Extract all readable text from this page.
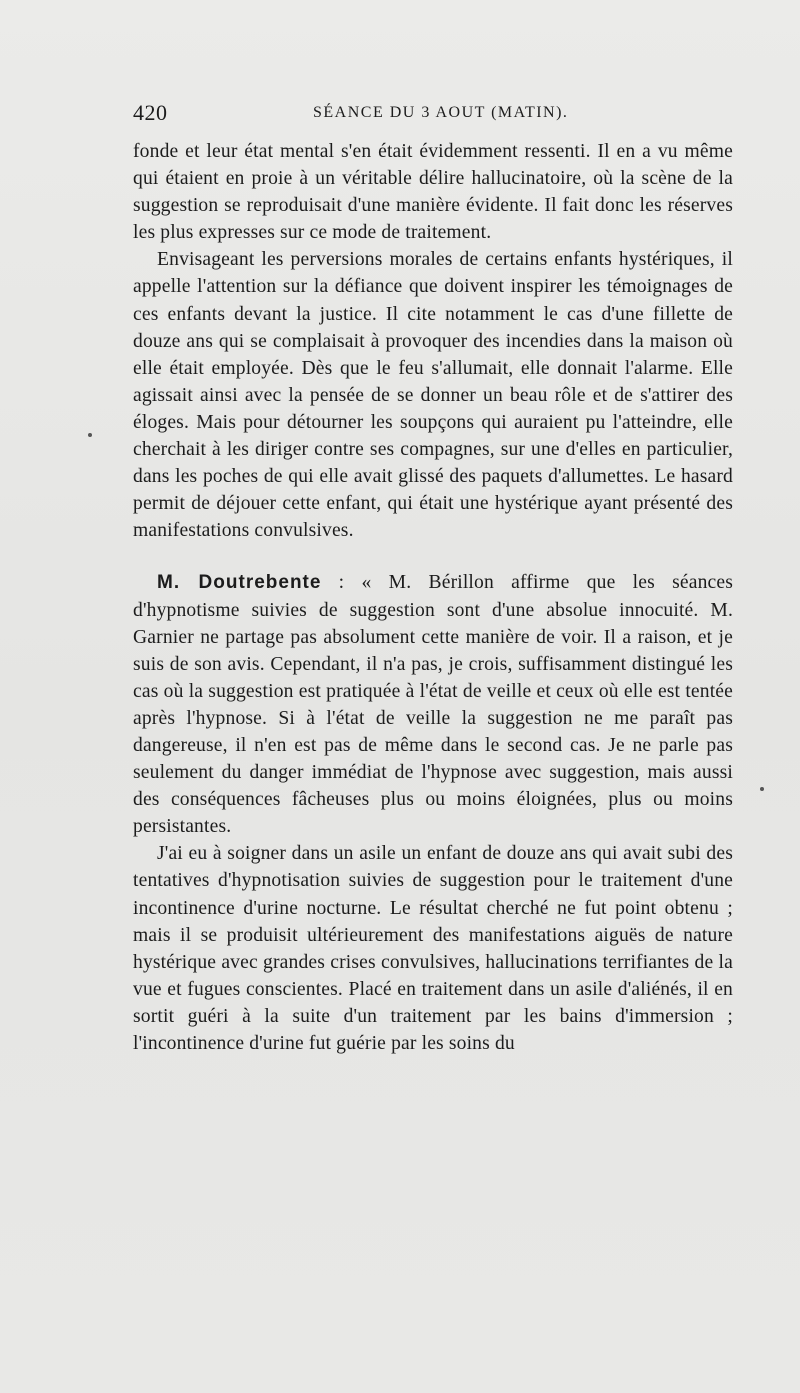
420	SÉANCE DU 3 AOUT (MATIN).

fonde et leur état mental s'en était évidemment ressenti. Il en a vu même qui étaient en proie à un véritable délire hallucinatoire, où la scène de la suggestion se reproduisait d'une manière évidente. Il fait donc les réserves les plus expresses sur ce mode de traitement.

Envisageant les perversions morales de certains enfants hystériques, il appelle l'attention sur la défiance que doivent inspirer les témoignages de ces enfants devant la justice. Il cite notamment le cas d'une fillette de douze ans qui se complaisait à provoquer des incendies dans la maison où elle était employée. Dès que le feu s'allumait, elle donnait l'alarme. Elle agissait ainsi avec la pensée de se donner un beau rôle et de s'attirer des éloges. Mais pour détourner les soupçons qui auraient pu l'atteindre, elle cherchait à les diriger contre ses compagnes, sur une d'elles en particulier, dans les poches de qui elle avait glissé des paquets d'allumettes. Le hasard permit de déjouer cette enfant, qui était une hystérique ayant présenté des manifestations convulsives.

M. Doutrebente : « M. Bérillon affirme que les séances d'hypnotisme suivies de suggestion sont d'une absolue innocuité. M. Garnier ne partage pas absolument cette manière de voir. Il a raison, et je suis de son avis. Cependant, il n'a pas, je crois, suffisamment distingué les cas où la suggestion est pratiquée à l'état de veille et ceux où elle est tentée après l'hypnose. Si à l'état de veille la suggestion ne me paraît pas dangereuse, il n'en est pas de même dans le second cas. Je ne parle pas seulement du danger immédiat de l'hypnose avec suggestion, mais aussi des conséquences fâcheuses plus ou moins éloignées, plus ou moins persistantes.

J'ai eu à soigner dans un asile un enfant de douze ans qui avait subi des tentatives d'hypnotisation suivies de suggestion pour le traitement d'une incontinence d'urine nocturne. Le résultat cherché ne fut point obtenu ; mais il se produisit ultérieurement des manifestations aiguës de nature hystérique avec grandes crises convulsives, hallucinations terrifiantes de la vue et fugues conscientes. Placé en traitement dans un asile d'aliénés, il en sortit guéri à la suite d'un traitement par les bains d'immersion ; l'incontinence d'urine fut guérie par les soins du
